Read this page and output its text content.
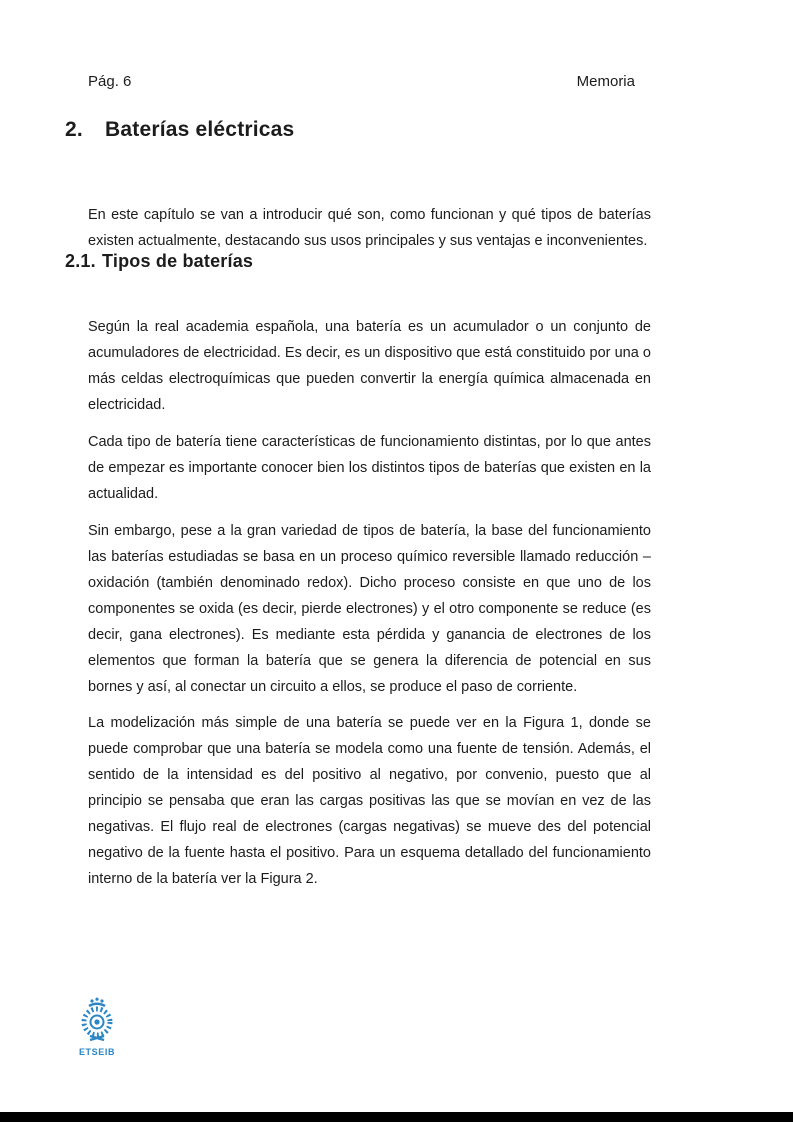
Pág. 6	Memoria
2. Baterías eléctricas

En este capítulo se van a introducir qué son, como funcionan y qué tipos de baterías existen actualmente, destacando sus usos principales y sus ventajas e inconvenientes.

2.1. Tipos de baterías

Según la real academia española, una batería es un acumulador o un conjunto de acumuladores de electricidad. Es decir, es un dispositivo que está constituido por una o más celdas electroquímicas que pueden convertir la energía química almacenada en electricidad.

Cada tipo de batería tiene características de funcionamiento distintas, por lo que antes de empezar es importante conocer bien los distintos tipos de baterías que existen en la actualidad.

Sin embargo, pese a la gran variedad de tipos de batería, la base del funcionamiento las baterías estudiadas se basa en un proceso químico reversible llamado reducción – oxidación (también denominado redox). Dicho proceso consiste en que uno de los componentes se oxida (es decir, pierde electrones) y el otro componente se reduce (es decir, gana electrones). Es mediante esta pérdida y ganancia de electrones de los elementos que forman la batería que se genera la diferencia de potencial en sus bornes y así, al conectar un circuito a ellos, se produce el paso de corriente.

La modelización más simple de una batería se puede ver en la Figura 1, donde se puede comprobar que una batería se modela como una fuente de tensión. Además, el sentido de la intensidad es del positivo al negativo, por convenio, puesto que al principio se pensaba que eran las cargas positivas las que se movían en vez de las negativas. El flujo real de electrones (cargas negativas) se mueve des del potencial negativo de la fuente hasta el positivo. Para un esquema detallado del funcionamiento interno de la batería ver la Figura 2.

ETSEIB
